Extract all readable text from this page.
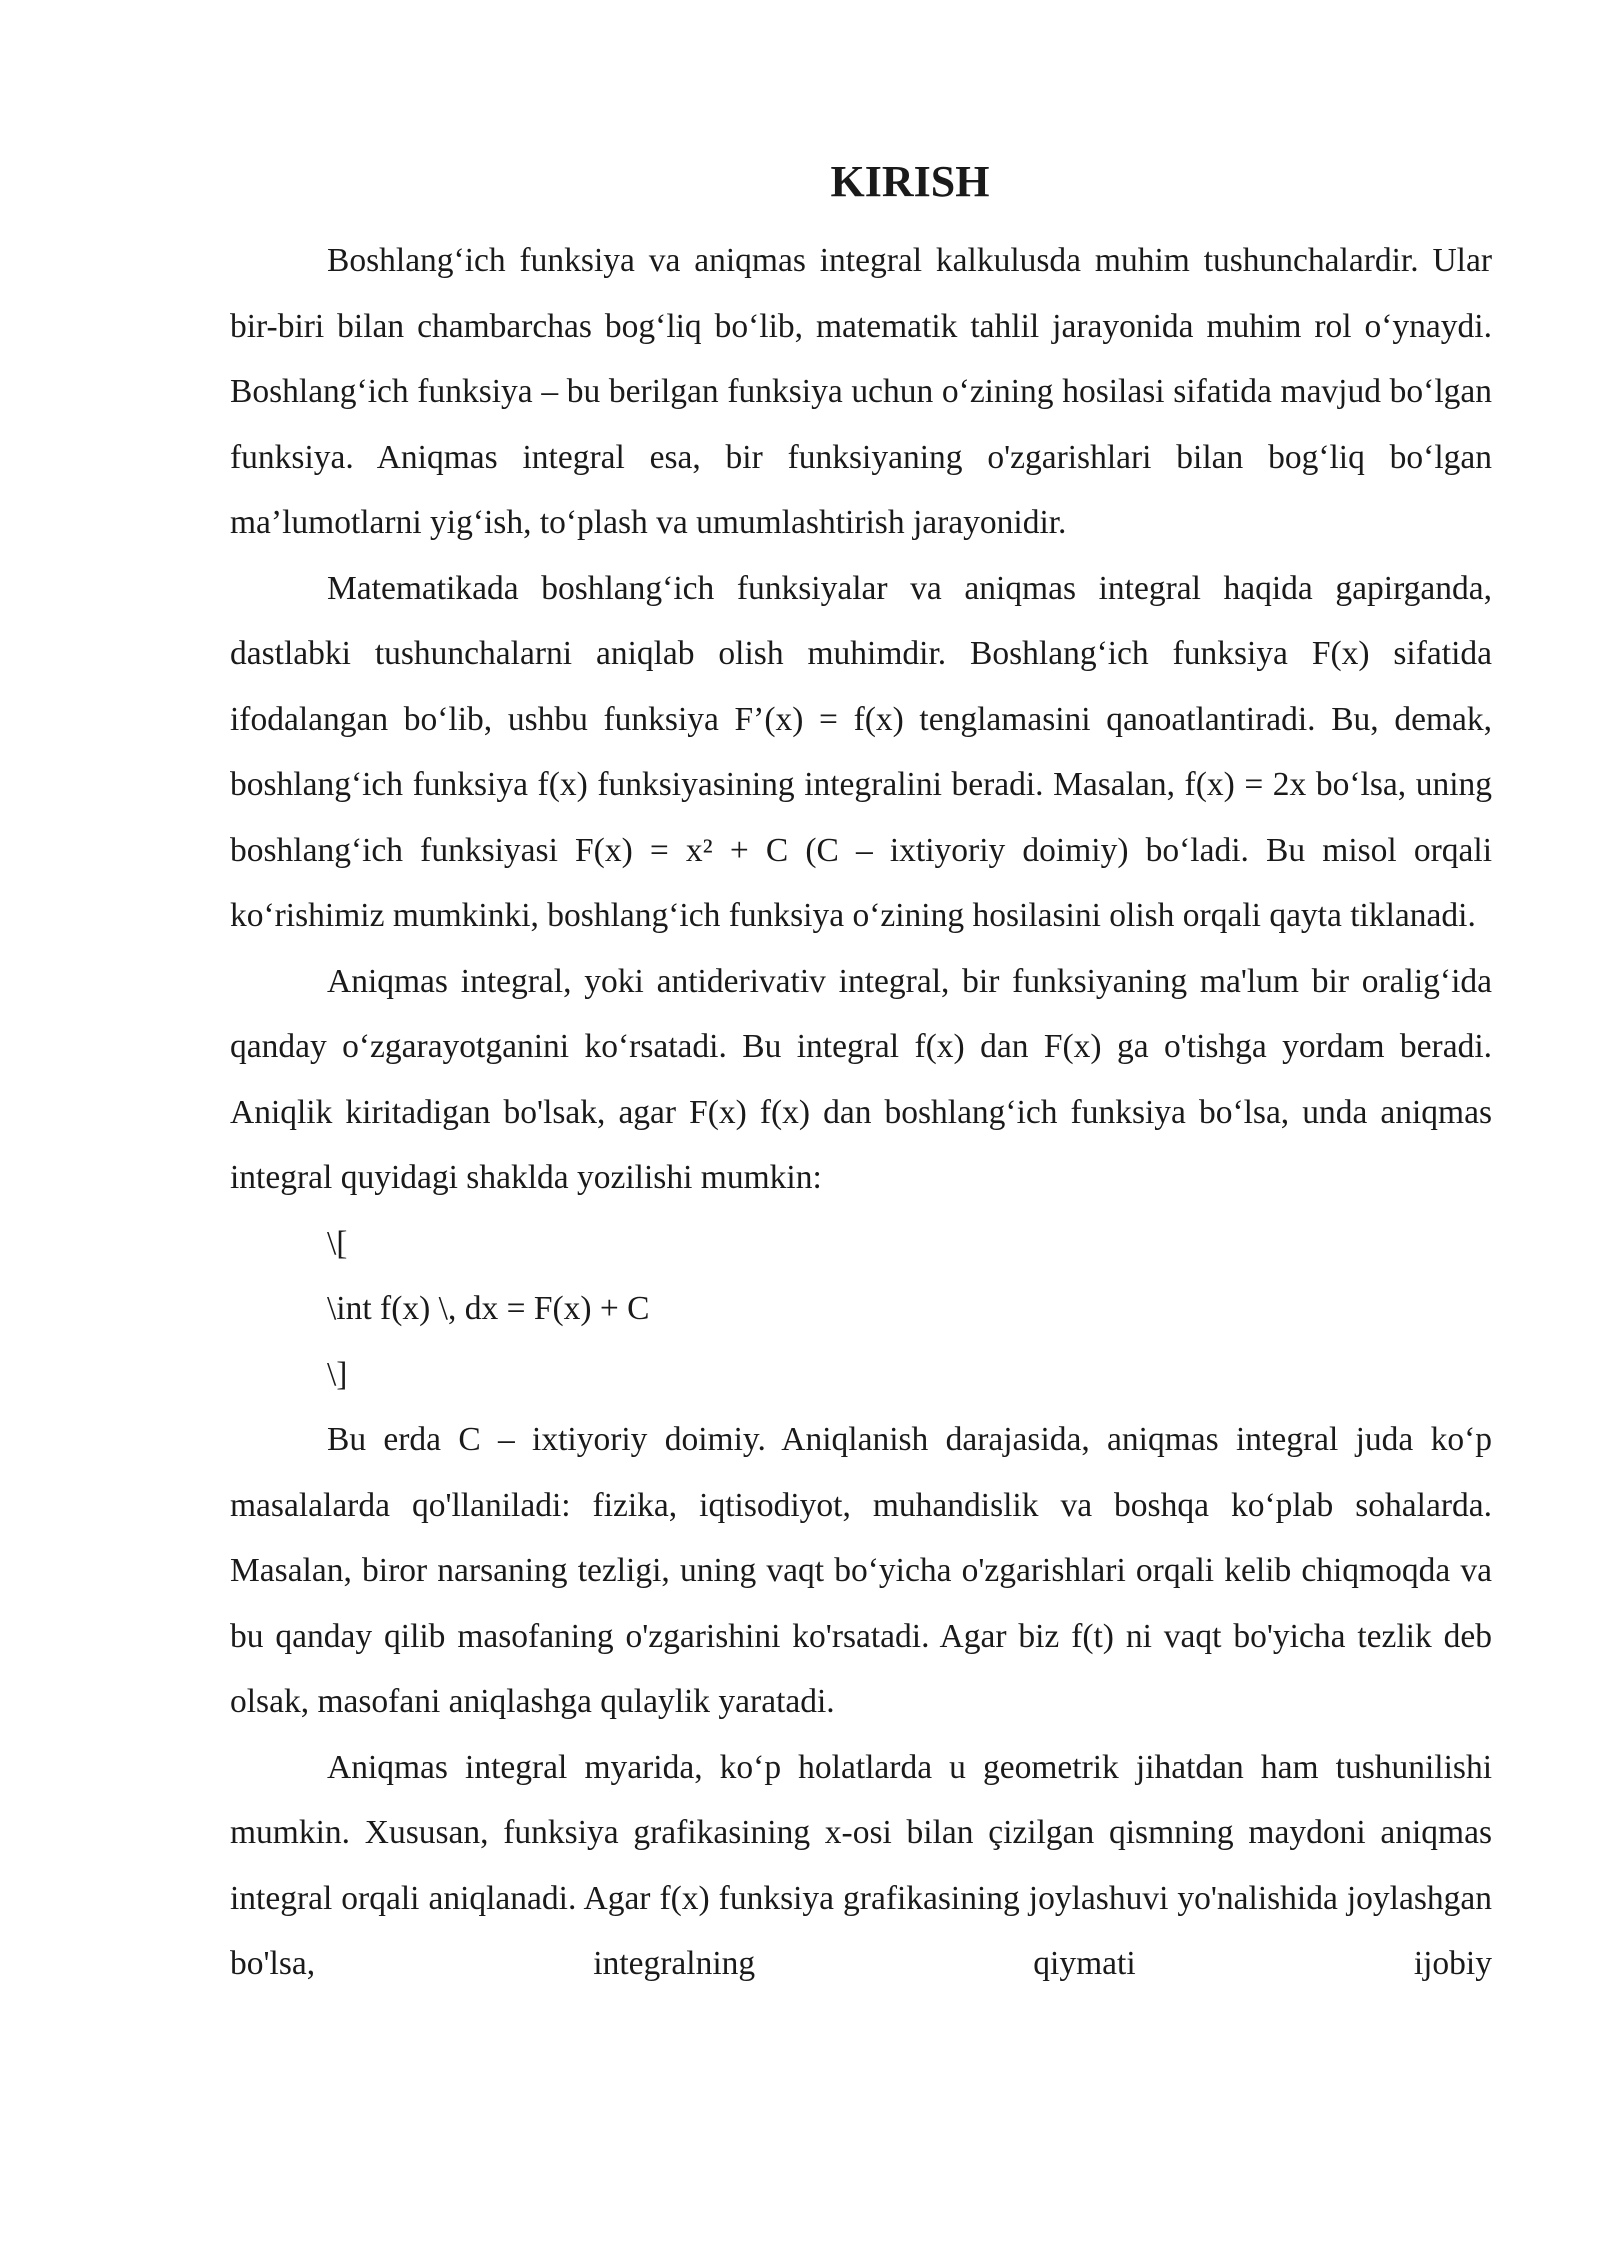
KIRISH

Boshlang‘ich funksiya va aniqmas integral kalkulusda muhim tushunchalardir. Ular bir-biri bilan chambarchas bog‘liq bo‘lib, matematik tahlil jarayonida muhim rol o‘ynaydi. Boshlang‘ich funksiya – bu berilgan funksiya uchun o‘zining hosilasi sifatida mavjud bo‘lgan funksiya. Aniqmas integral esa, bir funksiyaning o'zgarishlari bilan bog‘liq bo‘lgan ma’lumotlarni yig‘ish, to‘plash va umumlashtirish jarayonidir.

Matematikada boshlang‘ich funksiyalar va aniqmas integral haqida gapirganda, dastlabki tushunchalarni aniqlab olish muhimdir. Boshlang‘ich funksiya F(x) sifatida ifodalangan bo‘lib, ushbu funksiya F’(x) = f(x) tenglamasini qanoatlantiradi. Bu, demak, boshlang‘ich funksiya f(x) funksiyasining integralini beradi. Masalan, f(x) = 2x bo‘lsa, uning boshlang‘ich funksiyasi F(x) = x² + C (C – ixtiyoriy doimiy) bo‘ladi. Bu misol orqali ko‘rishimiz mumkinki, boshlang‘ich funksiya o‘zining hosilasini olish orqali qayta tiklanadi.

Aniqmas integral, yoki antiderivativ integral, bir funksiyaning ma'lum bir oralig‘ida qanday o‘zgarayotganini ko‘rsatadi. Bu integral f(x) dan F(x) ga o'tishga yordam beradi. Aniqlik kiritadigan bo'lsak, agar F(x) f(x) dan boshlang‘ich funksiya bo‘lsa, unda aniqmas integral quyidagi shaklda yozilishi mumkin:

\[

\int f(x) \, dx = F(x) + C

\]

Bu erda C – ixtiyoriy doimiy. Aniqlanish darajasida, aniqmas integral juda ko‘p masalalarda qo'llaniladi: fizika, iqtisodiyot, muhandislik va boshqa ko‘plab sohalarda. Masalan, biror narsaning tezligi, uning vaqt bo‘yicha o'zgarishlari orqali kelib chiqmoqda va bu qanday qilib masofaning o'zgarishini ko'rsatadi. Agar biz f(t) ni vaqt bo'yicha tezlik deb olsak, masofani aniqlashga qulaylik yaratadi.

Aniqmas integral myarida, ko‘p holatlarda u geometrik jihatdan ham tushunilishi mumkin. Xususan, funksiya grafikasining x-osi bilan çizilgan qismning maydoni aniqmas integral orqali aniqlanadi. Agar f(x) funksiya grafikasining joylashuvi yo'nalishida joylashgan bo'lsa, integralning qiymati ijobiy
